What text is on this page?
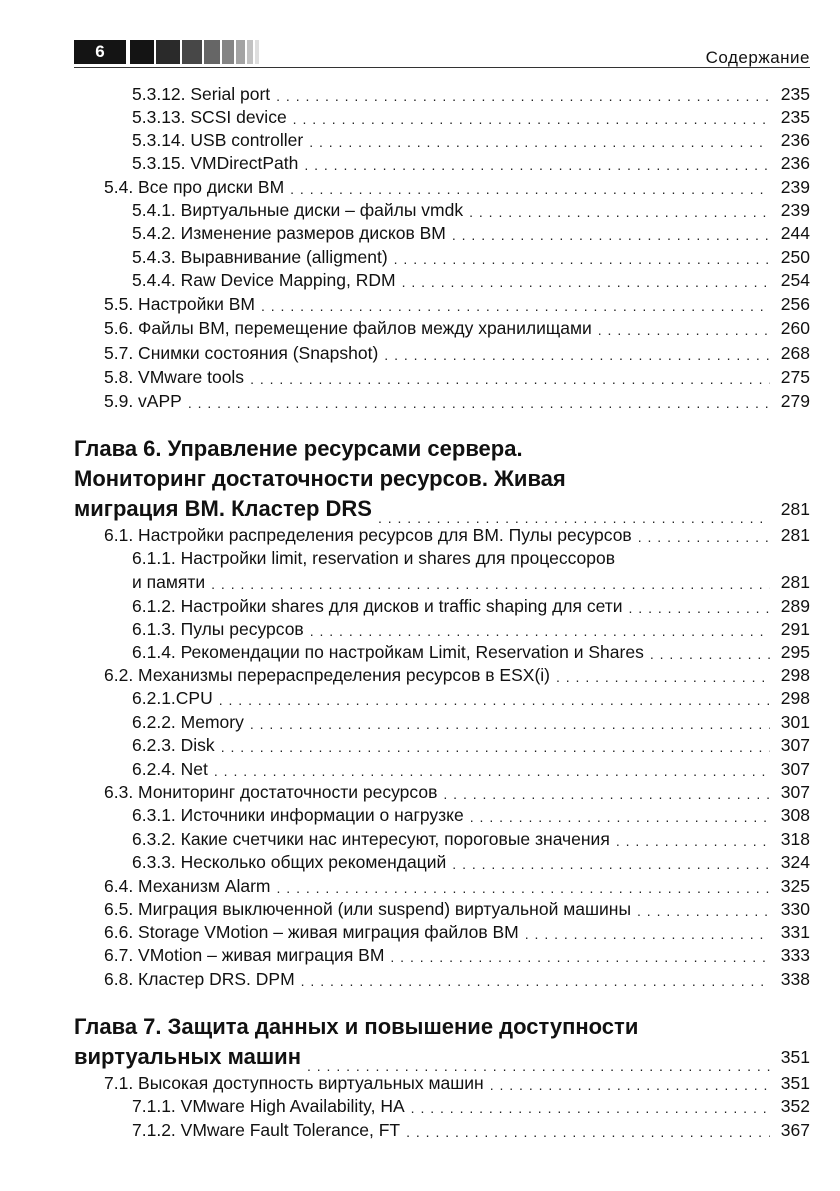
6	Содержание
5.3.12. Serial port . . .	235
5.3.13. SCSI device . . .	235
5.3.14. USB controller . . .	236
5.3.15. VMDirectPath . . .	236
5.4. Все про диски ВМ . . .	239
5.4.1. Виртуальные диски – файлы vmdk . . .	239
5.4.2. Изменение размеров дисков ВМ . . .	244
5.4.3. Выравнивание (alligment) . . .	250
5.4.4. Raw Device Mapping, RDM . . .	254
5.5. Настройки ВМ . . .	256
5.6. Файлы ВМ, перемещение файлов между хранилищами . . .	260
5.7. Снимки состояния (Snapshot) . . .	268
5.8. VMware tools . . .	275
5.9. vAPP . . .	279
Глава 6. Управление ресурсами сервера.
Мониторинг достаточности ресурсов. Живая
миграция ВМ. Кластер DRS . . .	281
6.1. Настройки распределения ресурсов для ВМ. Пулы ресурсов . . .	281
6.1.1. Настройки limit, reservation и shares для процессоров
и памяти . . .	281
6.1.2. Настройки shares для дисков и traffic shaping для сети . . .	289
6.1.3. Пулы ресурсов . . .	291
6.1.4. Рекомендации по настройкам Limit, Reservation и Shares . . .	295
6.2. Механизмы перераспределения ресурсов в ESX(i) . . .	298
6.2.1.CPU . . .	298
6.2.2. Memory . . .	301
6.2.3. Disk . . .	307
6.2.4. Net . . .	307
6.3. Мониторинг достаточности ресурсов . . .	307
6.3.1. Источники информации о нагрузке . . .	308
6.3.2. Какие счетчики нас интересуют, пороговые значения . . .	318
6.3.3. Несколько общих рекомендаций . . .	324
6.4. Механизм Alarm . . .	325
6.5. Миграция выключенной (или suspend) виртуальной машины . . .	330
6.6. Storage VMotion – живая миграция файлов ВМ . . .	331
6.7. VMotion – живая миграция ВМ . . .	333
6.8. Кластер DRS. DPM . . .	338
Глава 7. Защита данных и повышение доступности
виртуальных машин . . .	351
7.1. Высокая доступность виртуальных машин . . .	351
7.1.1. VMware High Availability, HA . . .	352
7.1.2. VMware Fault Tolerance, FT . . .	367
